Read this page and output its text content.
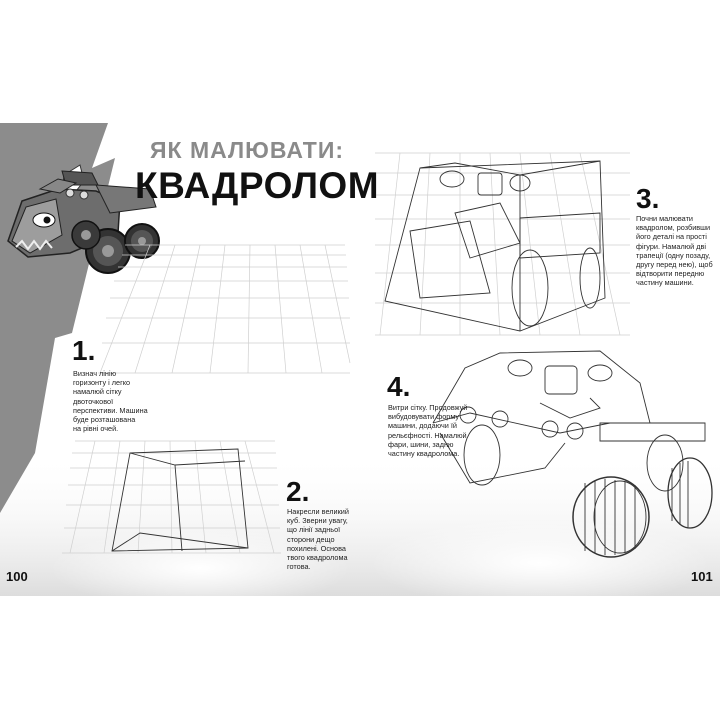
ЯК МАЛЮВАТИ:
КВАДРОЛОМ
1.
Визнач лінію
горизонту і легко
намалюй сітку
двоточкової
перспективи. Машина
буде розташована
на рівні очей.
2.
Накресли великий
куб. Зверни увагу,
що лінії задньої
сторони дещо
похилені. Основа
твого квадролома
готова.
3.
Почни малювати
квадролом, розбивши
його деталі на прості
фігури. Намалюй дві
трапеції (одну позаду,
другу перед нею), щоб
відтворити передню
частину машини.
4.
Витри сітку. Продовжуй
вибудовувати форму
машини, додаючи їй
рельєфності. Намалюй
фари, шини, задню
частину квадролома.
100	101
